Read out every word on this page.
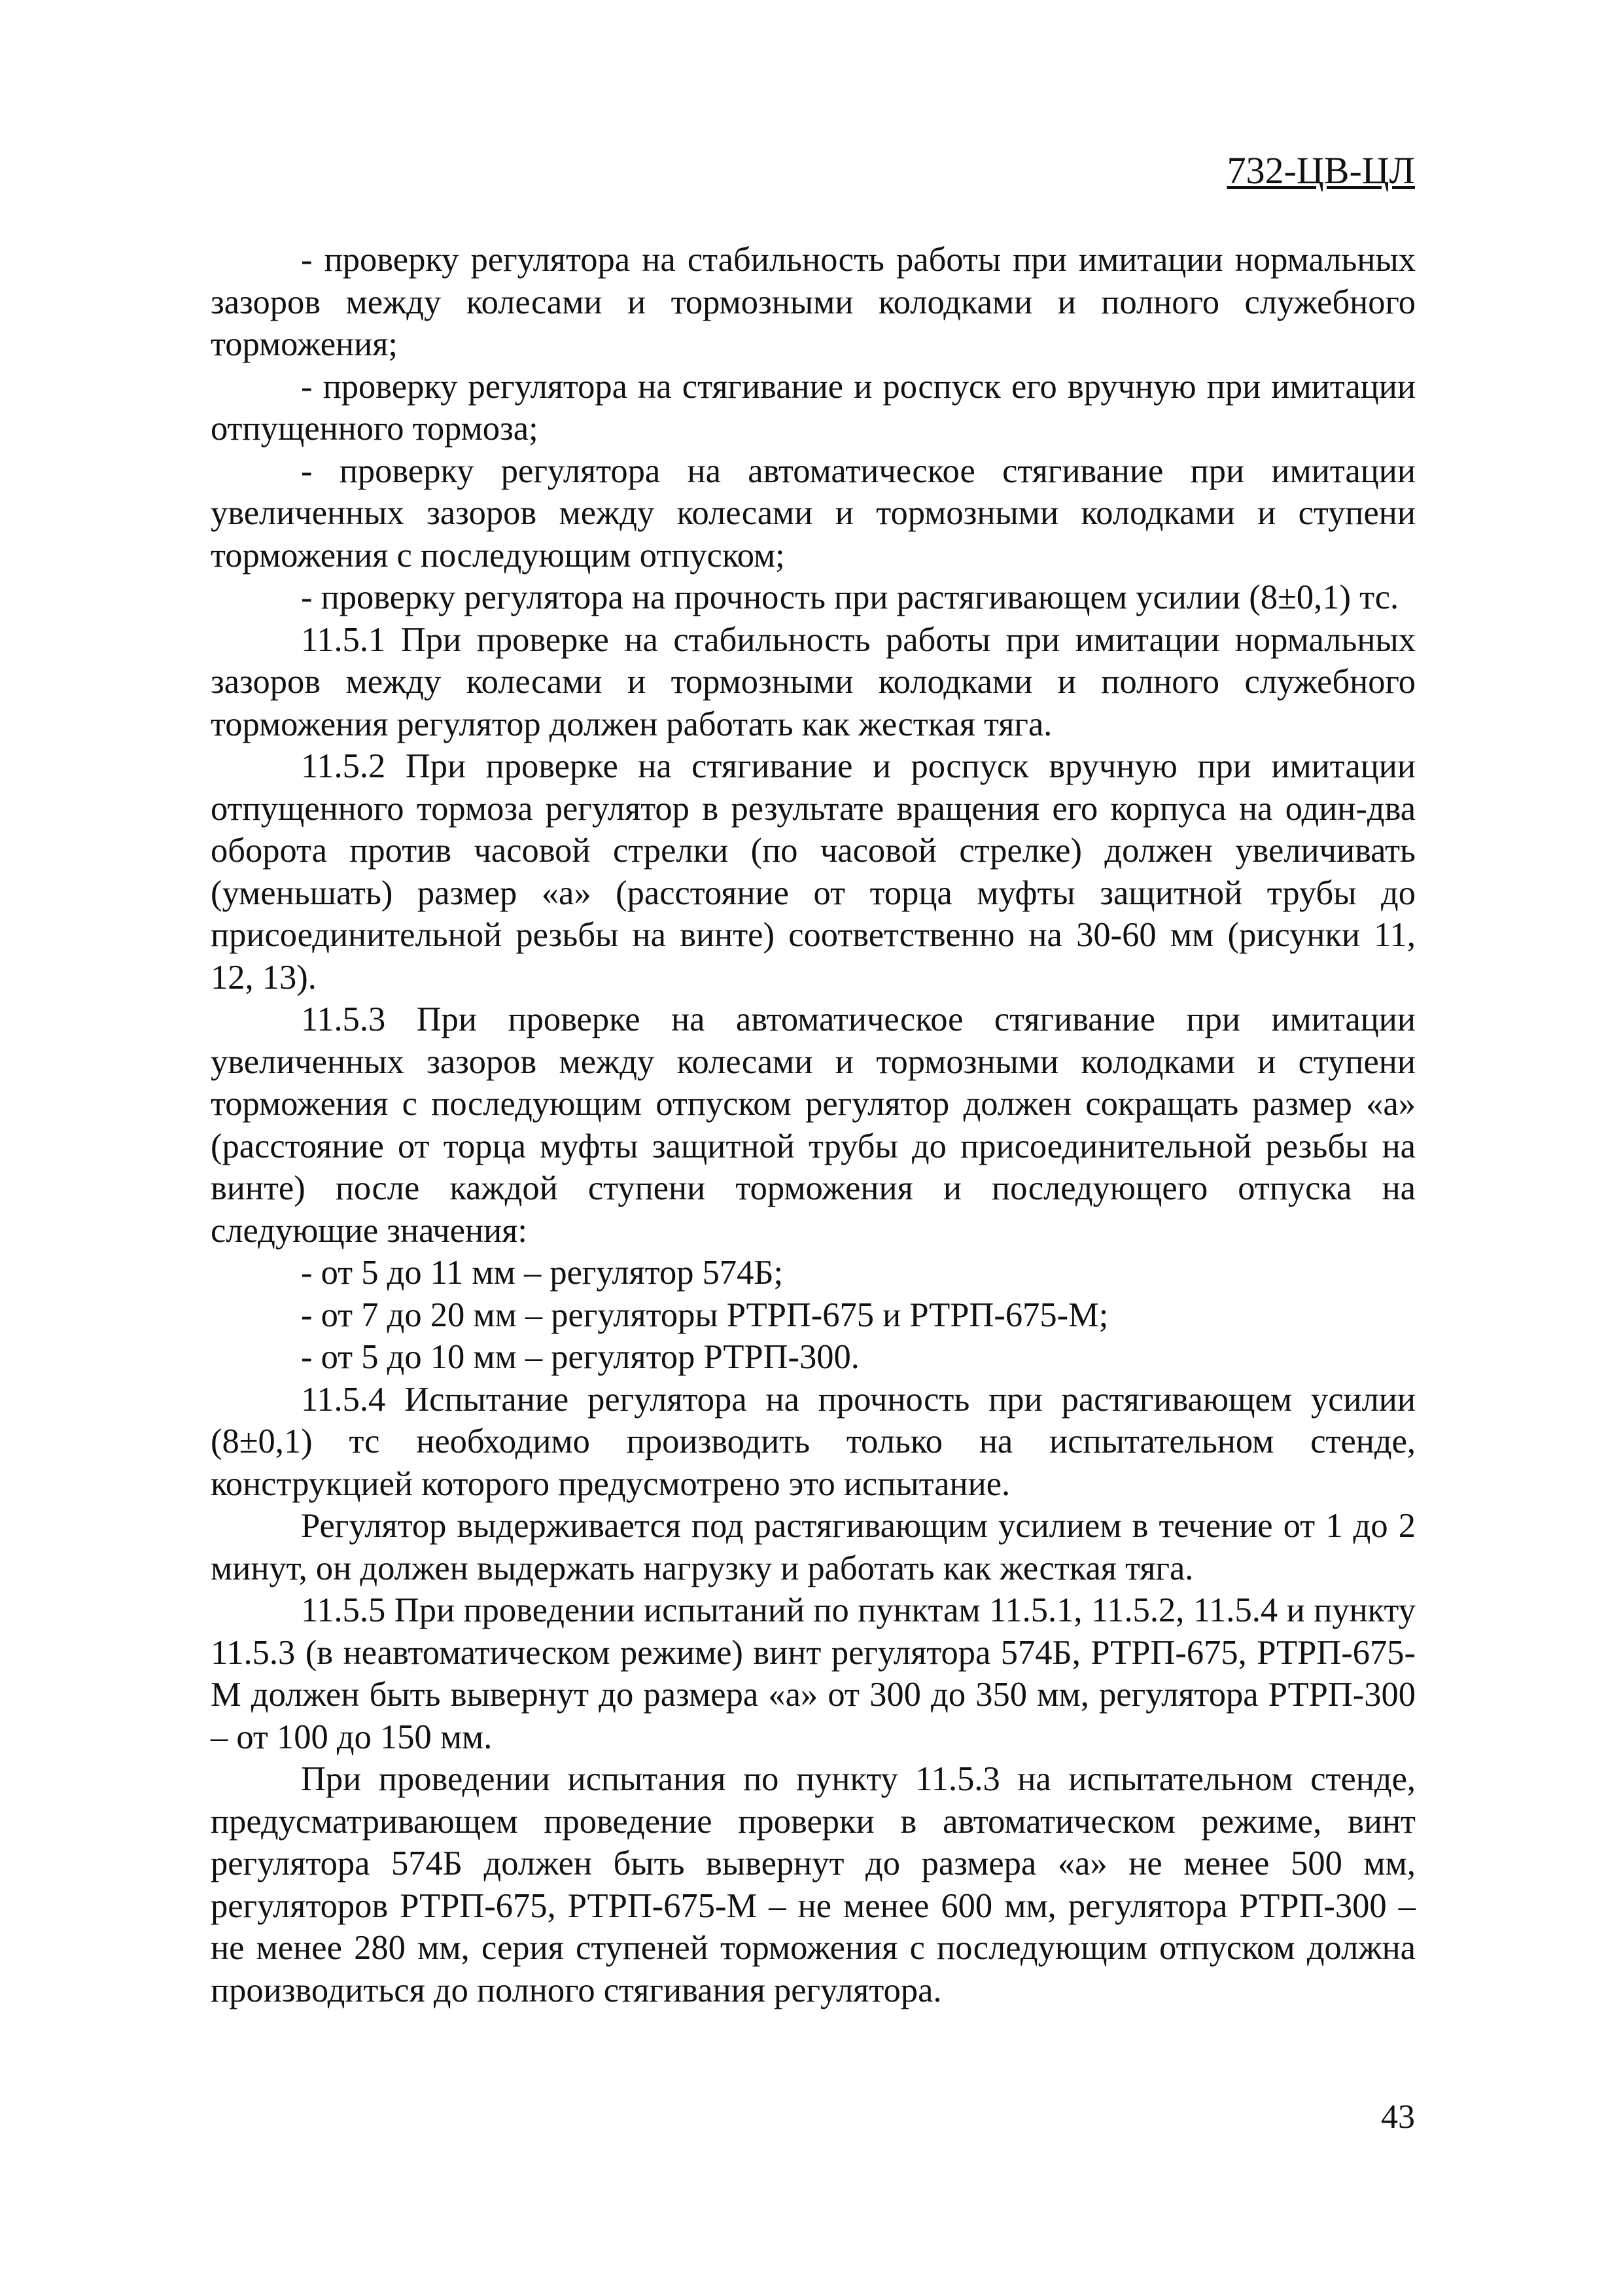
732-ЦВ-ЦЛ

- проверку регулятора на стабильность работы при имитации нормальных зазоров между колесами и тормозными колодками и полного служебного торможения;

- проверку регулятора на стягивание и роспуск его вручную при имитации отпущенного тормоза;

- проверку регулятора на автоматическое стягивание при имитации увеличенных зазоров между колесами и тормозными колодками и ступени торможения с последующим отпуском;

- проверку регулятора на прочность при растягивающем усилии (8±0,1) тс.

11.5.1 При проверке на стабильность работы при имитации нормальных зазоров между колесами и тормозными колодками и полного служебного торможения регулятор должен работать как жесткая тяга.

11.5.2 При проверке на стягивание и роспуск вручную при имитации отпущенного тормоза регулятор в результате вращения его корпуса на один-два оборота против часовой стрелки (по часовой стрелке) должен увеличивать (уменьшать) размер «а» (расстояние от торца муфты защитной трубы до присоединительной резьбы на винте) соответственно на 30-60 мм (рисунки 11, 12, 13).

11.5.3 При проверке на автоматическое стягивание при имитации увеличенных зазоров между колесами и тормозными колодками и ступени торможения с последующим отпуском регулятор должен сокращать размер «а» (расстояние от торца муфты защитной трубы до присоединительной резьбы на винте) после каждой ступени торможения и последующего отпуска на следующие значения:

- от 5 до 11 мм – регулятор 574Б;

- от 7 до 20 мм – регуляторы РТРП-675 и РТРП-675-М;

- от 5 до 10 мм – регулятор РТРП-300.

11.5.4 Испытание регулятора на прочность при растягивающем усилии (8±0,1) тс необходимо производить только на испытательном стенде, конструкцией которого предусмотрено это испытание.

Регулятор выдерживается под растягивающим усилием в течение от 1 до 2 минут, он должен выдержать нагрузку и работать как жесткая тяга.

11.5.5 При проведении испытаний по пунктам 11.5.1, 11.5.2, 11.5.4 и пункту 11.5.3 (в неавтоматическом режиме) винт регулятора 574Б, РТРП-675, РТРП-675-М должен быть вывернут до размера «а» от 300 до 350 мм, регулятора РТРП-300 – от 100 до 150 мм.

При проведении испытания по пункту 11.5.3 на испытательном стенде, предусматривающем проведение проверки в автоматическом режиме, винт регулятора 574Б должен быть вывернут до размера «а» не менее 500 мм, регуляторов РТРП-675, РТРП-675-М – не менее 600 мм, регулятора РТРП-300 – не менее 280 мм, серия ступеней торможения с последующим отпуском должна производиться до полного стягивания регулятора.

43
